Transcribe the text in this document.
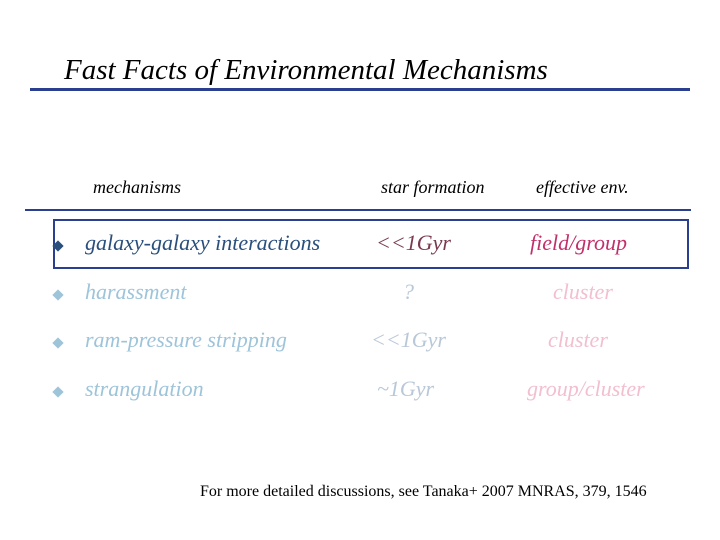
Fast Facts of Environmental Mechanisms
mechanisms	star formation	effective env.
galaxy-galaxy interactions	<<1Gyr	field/group
harassment	?	cluster
ram-pressure stripping	<<1Gyr	cluster
strangulation	~1Gyr	group/cluster
For more detailed discussions, see Tanaka+ 2007 MNRAS, 379, 1546
